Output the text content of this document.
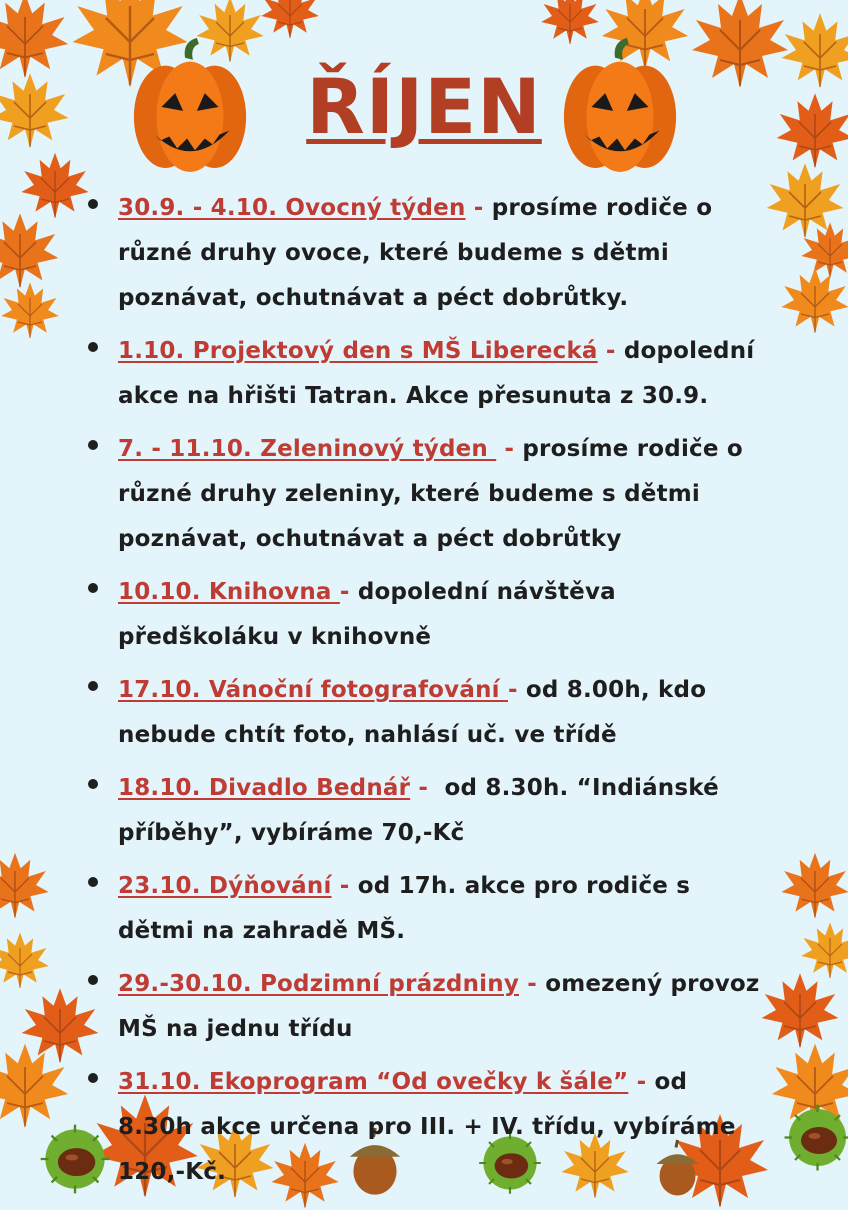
ŘÍJEN
30.9. - 4.10. Ovocný týden - prosíme rodiče o různé druhy ovoce, které budeme s dětmi poznávat, ochutnávat a péct dobrůtky.
1.10. Projektový den s MŠ Liberecká - dopolední akce na hřišti Tatran. Akce přesunuta z 30.9.
7. - 11.10. Zeleninový týden  - prosíme rodiče o různé druhy zeleniny, které budeme s dětmi poznávat, ochutnávat a péct dobrůtky
10.10. Knihovna - dopolední návštěva předškoláku v knihovně
17.10. Vánoční fotografování - od 8.00h, kdo nebude chtít foto, nahlásí uč. ve třídě
18.10. Divadlo Bednář -  od 8.30h. “Indiánské příběhy”, vybíráme 70,-Kč
23.10. Dýňování - od 17h. akce pro rodiče s dětmi na zahradě MŠ.
29.-30.10. Podzimní prázdniny - omezený provoz MŠ na jednu třídu
31.10. Ekoprogram “Od ovečky k šále” - od 8.30h akce určena pro III. + IV. třídu, vybíráme 120,-Kč.
